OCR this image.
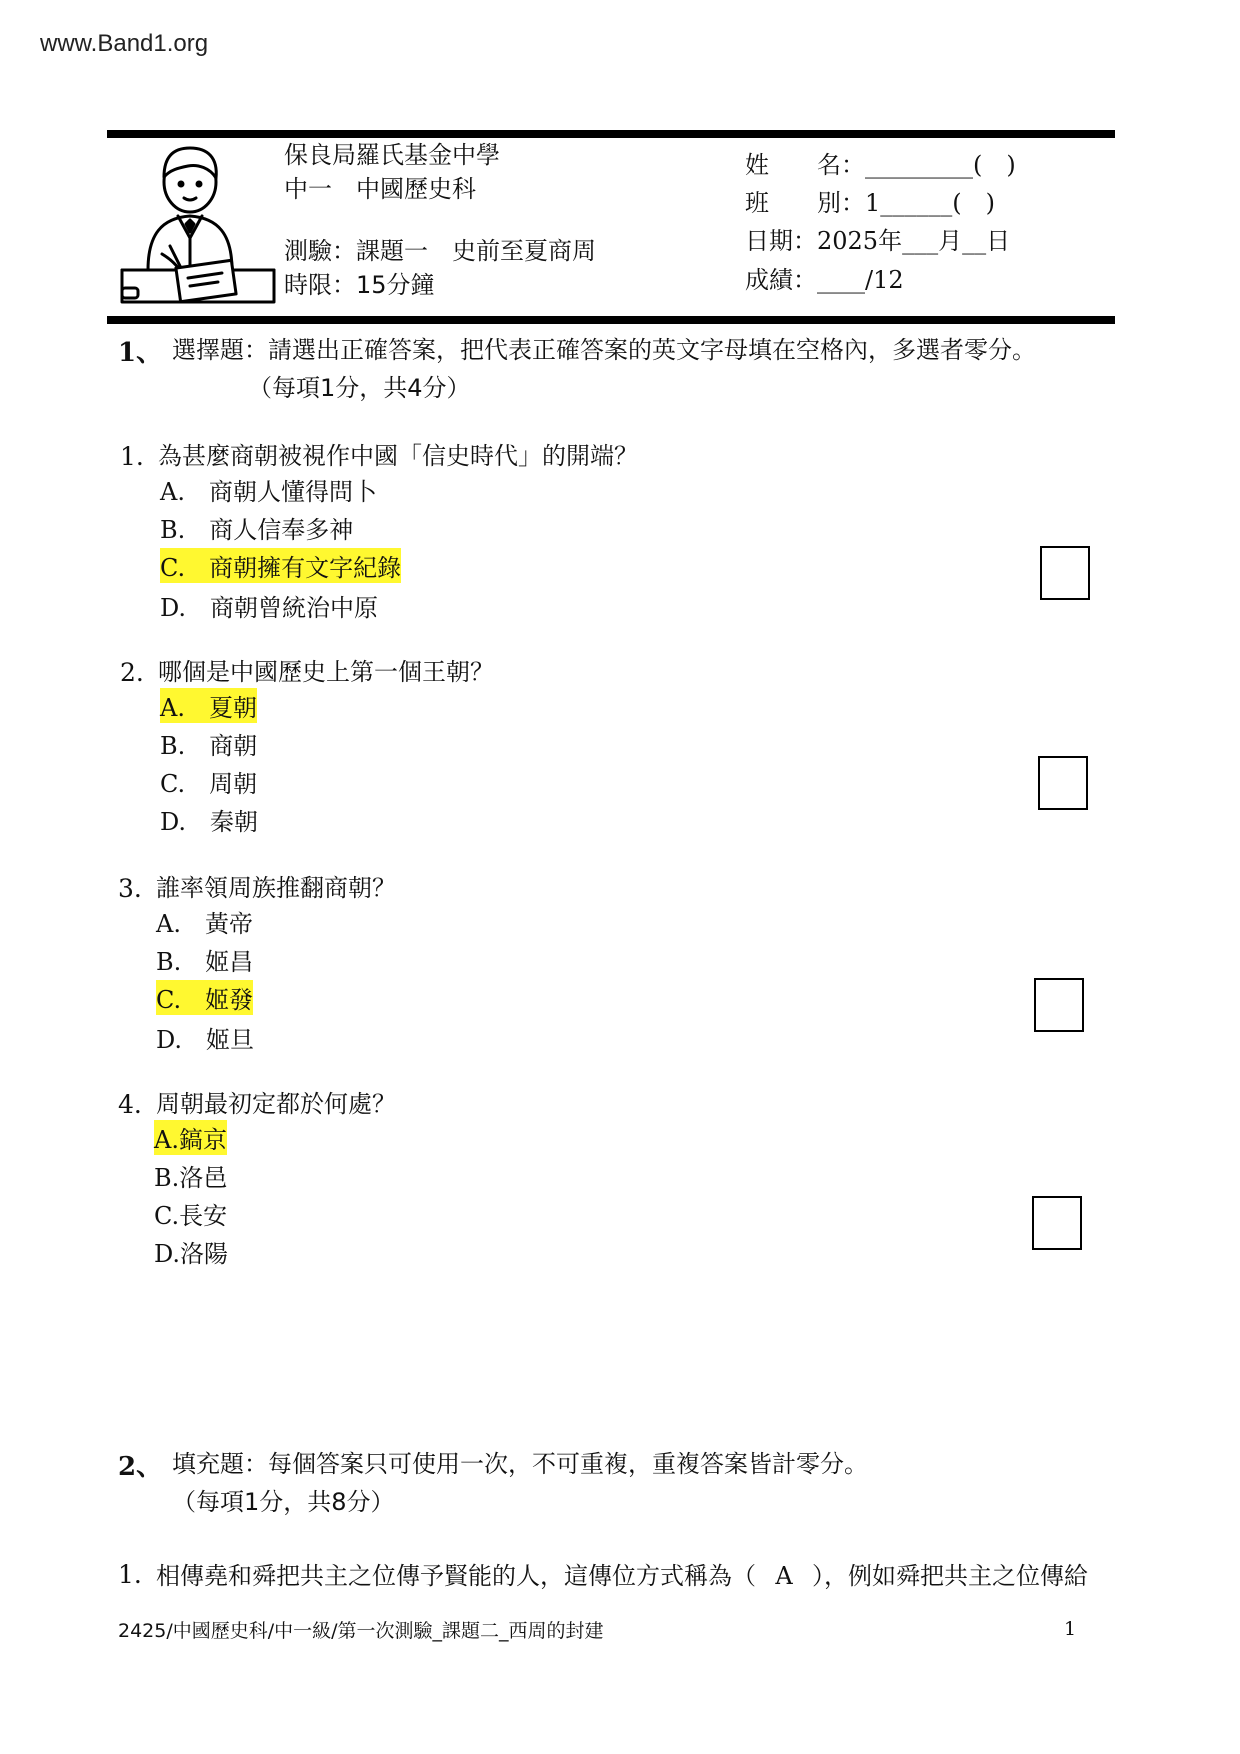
www.Band1.org
保良局羅氏基金中學
中一　中國歷史科
測驗：課題一　史前至夏商周
時限：15分鐘
姓　　名：_________(　)
班　　別：1______(　)
日期：2025年___月__日
成績：____/12
1、 選擇題：請選出正確答案，把代表正確答案的英文字母填在空格內，多選者零分。
（每項1分，共4分）
1. 為甚麼商朝被視作中國「信史時代」的開端？
A.　 商朝人懂得問卜
B.　 商人信奉多神
C.　 商朝擁有文字紀錄
D.　 商朝曾統治中原
2. 哪個是中國歷史上第一個王朝？
A.　 夏朝
B.　 商朝
C.　 周朝
D.　 秦朝
3. 誰率領周族推翻商朝？
A.　 黃帝
B.　 姬昌
C.　 姬發
D.　 姬旦
4. 周朝最初定都於何處？
A.鎬京
B.洛邑
C.長安
D.洛陽
2、 填充題：每個答案只可使用一次，不可重複，重複答案皆計零分。
（每項1分，共8分）
1. 相傳堯和舜把共主之位傳予賢能的人，這傳位方式稱為（ A ），例如舜把共主之位傳給
2425/中國歷史科/中一級/第一次測驗_課題二_西周的封建	1
